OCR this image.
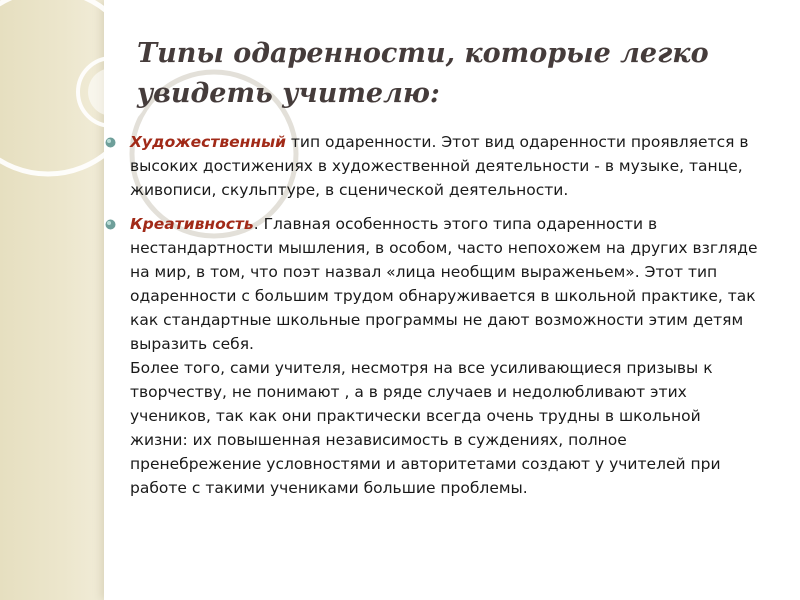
Типы одаренности, которые легко увидеть учителю:

Художественный тип одаренности. Этот вид одаренности проявляется в высоких достижениях в художественной деятельности - в музыке, танце, живописи, скульптуре, в сценической деятельности.

Креативность. Главная особенность этого типа одаренности в нестандартности мышления, в особом, часто непохожем на других взгляде на мир, в том, что поэт назвал «лица необщим выраженьем». Этот тип одаренности с большим трудом обнаруживается в школьной практике, так как стандартные школьные программы не дают возможности этим детям выразить себя.

Более того, сами учителя, несмотря на все усиливающиеся призывы к творчеству, не понимают , а в ряде случаев и недолюбливают этих учеников, так как они практически всегда очень трудны в школьной жизни: их повышенная независимость в суждениях, полное пренебрежение условностями и авторитетами создают у учителей при работе с такими учениками большие проблемы.
